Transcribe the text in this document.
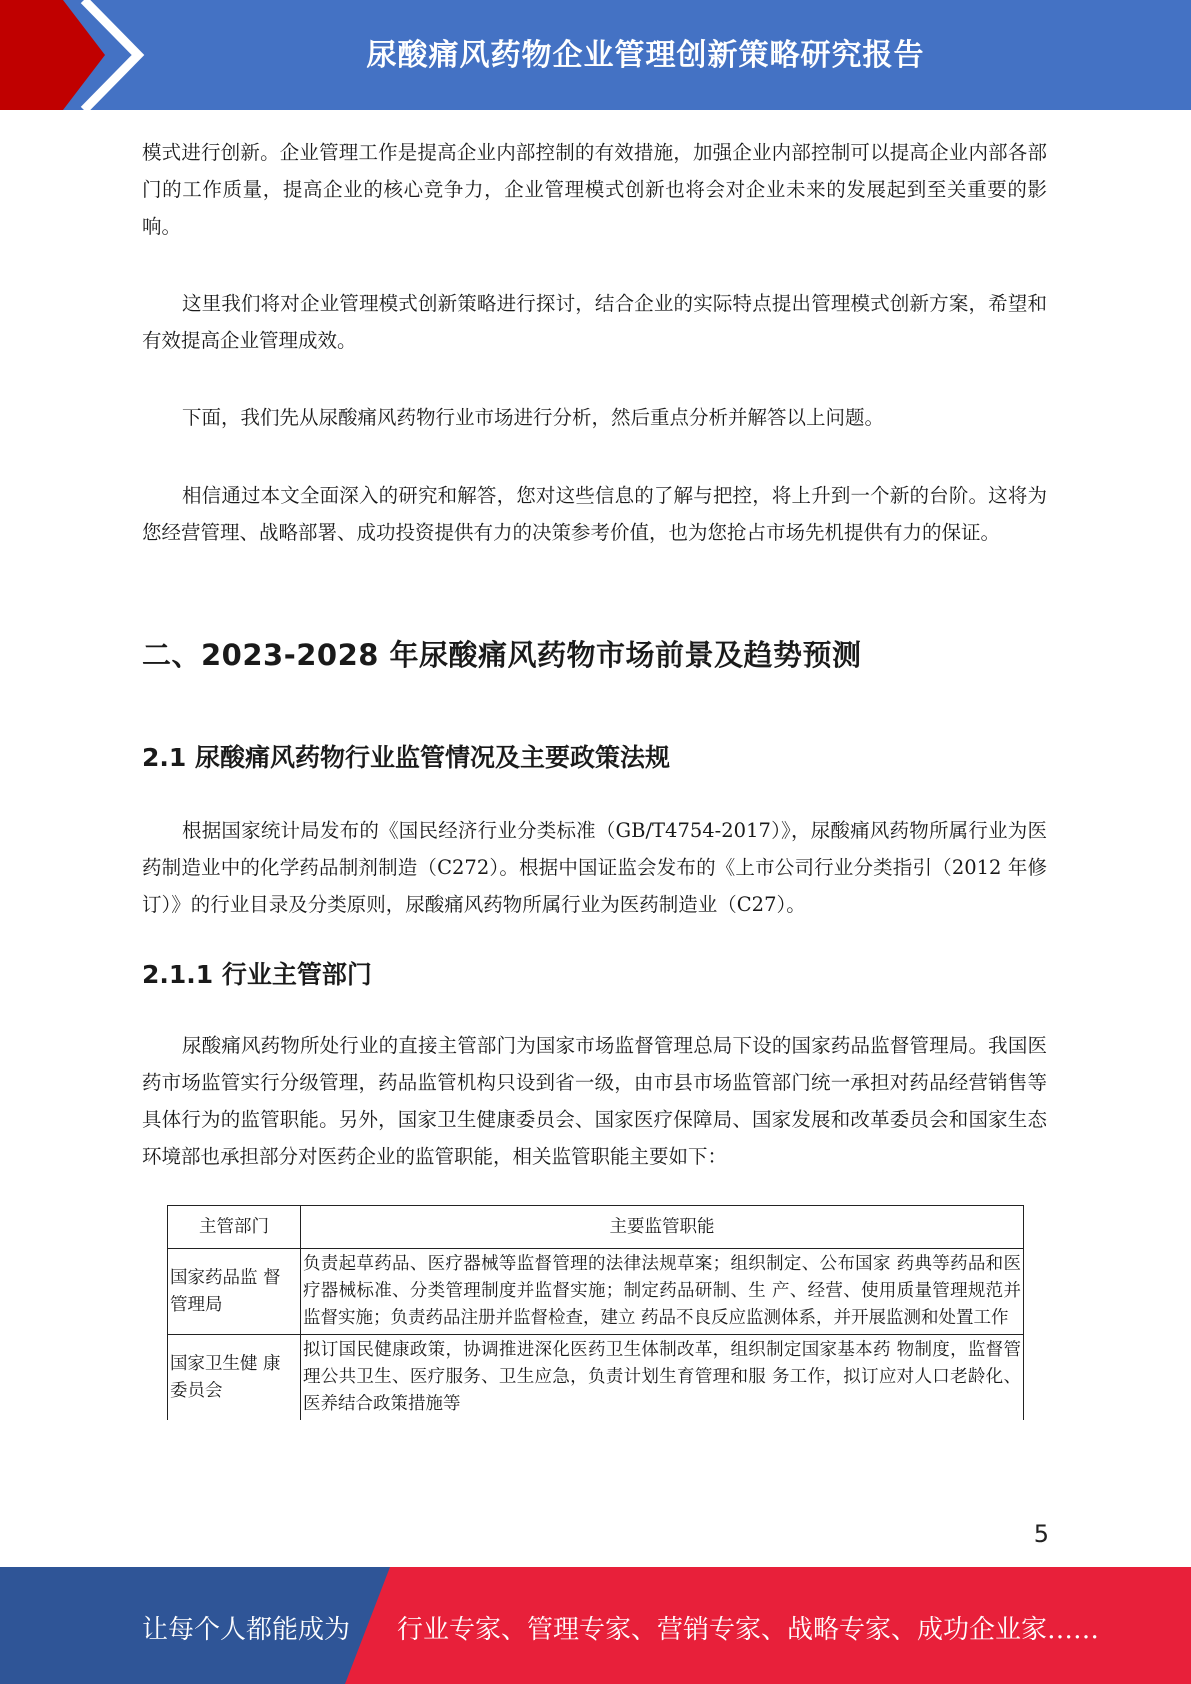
尿酸痛风药物企业管理创新策略研究报告

模式进行创新。企业管理工作是提高企业内部控制的有效措施，加强企业内部控制可以提高企业内部各部门的工作质量，提高企业的核心竞争力，企业管理模式创新也将会对企业未来的发展起到至关重要的影响。

这里我们将对企业管理模式创新策略进行探讨，结合企业的实际特点提出管理模式创新方案，希望和有效提高企业管理成效。

下面，我们先从尿酸痛风药物行业市场进行分析，然后重点分析并解答以上问题。

相信通过本文全面深入的研究和解答，您对这些信息的了解与把控，将上升到一个新的台阶。这将为您经营管理、战略部署、成功投资提供有力的决策参考价值，也为您抢占市场先机提供有力的保证。

二、2023-2028 年尿酸痛风药物市场前景及趋势预测
2.1 尿酸痛风药物行业监管情况及主要政策法规

根据国家统计局发布的《国民经济行业分类标准（GB/T4754-2017）》，尿酸痛风药物所属行业为医药制造业中的化学药品制剂制造（C272）。根据中国证监会发布的《上市公司行业分类指引（2012 年修订）》的行业目录及分类原则，尿酸痛风药物所属行业为医药制造业（C27）。

2.1.1 行业主管部门

尿酸痛风药物所处行业的直接主管部门为国家市场监督管理总局下设的国家药品监督管理局。我国医药市场监管实行分级管理，药品监管机构只设到省一级，由市县市场监管部门统一承担对药品经营销售等具体行为的监管职能。另外，国家卫生健康委员会、国家医疗保障局、国家发展和改革委员会和国家生态环境部也承担部分对医药企业的监管职能，相关监管职能主要如下：

主管部门	主要监管职能
国家药品监 督管理局	负责起草药品、医疗器械等监督管理的法律法规草案；组织制定、公布国家 药典等药品和医疗器械标准、分类管理制度并监督实施；制定药品研制、生 产、经营、使用质量管理规范并监督实施；负责药品注册并监督检查，建立 药品不良反应监测体系，并开展监测和处置工作
国家卫生健 康委员会	拟订国民健康政策，协调推进深化医药卫生体制改革，组织制定国家基本药 物制度，监督管理公共卫生、医疗服务、卫生应急，负责计划生育管理和服 务工作，拟订应对人口老龄化、医养结合政策措施等
5
让每个人都能成为 行业专家、管理专家、营销专家、战略专家、成功企业家……
